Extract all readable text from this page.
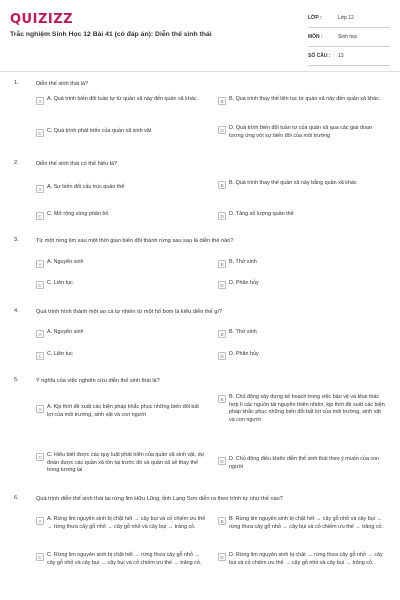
QUIZIZZ
Trắc nghiệm Sinh Học 12 Bài 41 (có đáp án): Diễn thế sinh thái
LỚP :	Lớp 12
MÔN :	Sinh học
SỐ CÂU :	13
1.	Diễn thế sinh thái là?
A	A. Quá trình biến đổi tuần tự từ quần xã này đến quần xã khác.	B	B. Quá trình thay thế liên tục từ quần xã này đến quần xã khác.
C C. Quá trình phát triển của quần xã sinh vật	D D. Quá trình biến đổi tuần tự của quần xã qua các giai đoạn tương ứng với sự biến đổi của môi trường
2.	Diễn thế sinh thái có thể hiểu là?
A	A. Sự biến đổi cấu trúc quần thể	B	B. Quá trình thay thế quần xã này bằng quần xã khác
C C. Mở rộng vùng phân bố	D D. Tăng số lượng quần thể
3.	Từ một rừng lim sau một thời gian biến đổi thành rừng sau sau là diễn thế nào?
A	A. Nguyên sinh	B	B. Thứ sinh
C C. Liên tục	D D. Phân hủy
4.	Quá trình hình thành một ao cá tự nhiên từ một hố bom là kiểu diễn thế gì?
A	A. Nguyên sinh	B	B. Thứ sinh
C C. Liên tục	D D. Phân hủy
5.	Ý nghĩa của việc nghiên cứu diễn thế sinh thái là?
A	A. Kịp thời đề xuất các biện pháp khắc phục những biến đổi bất lợi của môi trường, sinh vật và con người
B	B. Chủ động xây dựng kế hoạch trong việc bảo vệ và khai thác hợp lí các nguồn tài nguyên thiên nhiên, kịp thời đề xuất các biện pháp khắc phục những biến đổi bất lợi của môi trường, sinh vật và con người
C C. Hiểu biết được các quy luật phát triển của quần xã sinh vật, dự đoán được các quần xã tồn tại trước đó và quần xã sẽ thay thế trong tương lai
D D. Chủ động điều khiển diễn thế sinh thái theo ý muốn của con người
6.	Quá trình diễn thế sinh thái tại rừng lim Hữu Lũng, tỉnh Lạng Sơn diễn ra theo trình tự như thế nào?
A	A. Rừng lim nguyên sinh bị chặt hết → cây bụi và cỏ chiếm ưu thế → rừng thưa cây gỗ nhỏ → cây gỗ nhỏ và cây bụi → trảng cỏ.
B	B. Rừng lim nguyên sinh bị chặt hết → cây gỗ nhỏ và cây bụi → rừng thưa cây gỗ nhỏ → cây bụi và cỏ chiếm ưu thế → trảng cỏ.
C C. Rừng lim nguyên sinh bị chặt hết → rừng thưa cây gỗ nhỏ → cây gỗ nhỏ và cây bụi → cây bụi và cỏ chiếm ưu thế → trảng cỏ.
D D. Rừng lim nguyên sinh bị chặt → rừng thưa cây gỗ nhỏ → cây bụi và cỏ chiếm ưu thế → cây gỗ nhỏ và cây bụi → trảng cỏ.
